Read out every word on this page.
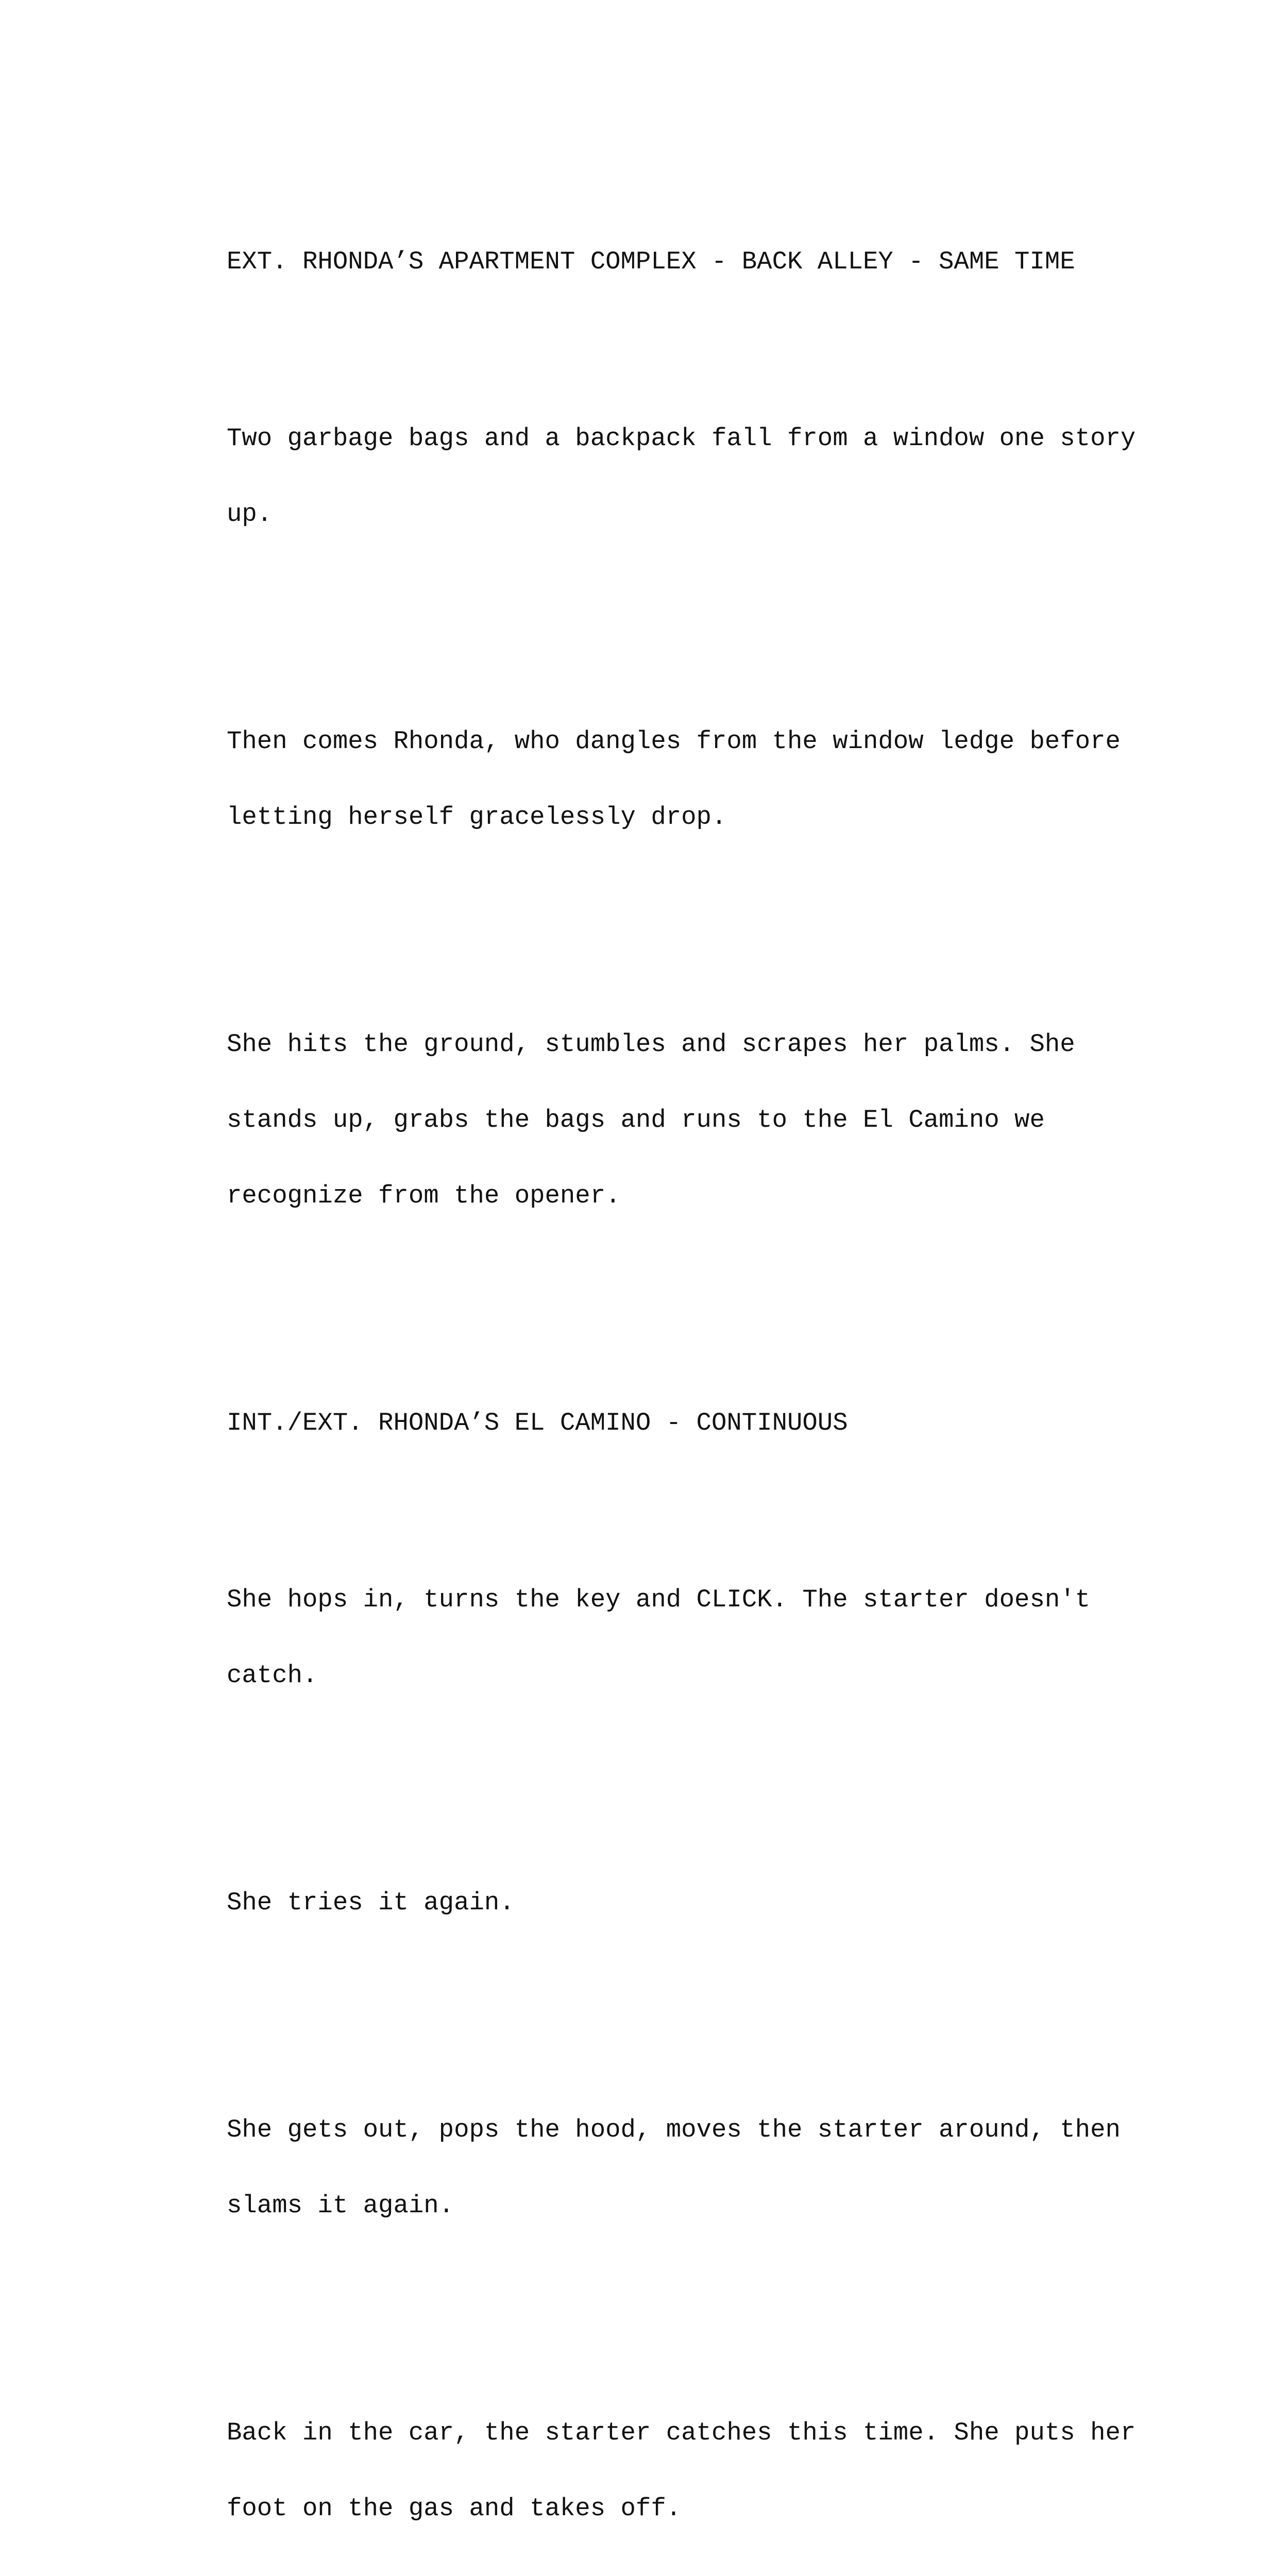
EXT. RHONDA’S APARTMENT COMPLEX - BACK ALLEY - SAME TIME

Two garbage bags and a backpack fall from a window one story

up.

Then comes Rhonda, who dangles from the window ledge before

letting herself gracelessly drop.

She hits the ground, stumbles and scrapes her palms. She

stands up, grabs the bags and runs to the El Camino we

recognize from the opener.

INT./EXT. RHONDA’S EL CAMINO - CONTINUOUS

She hops in, turns the key and CLICK. The starter doesn't

catch.

She tries it again.

She gets out, pops the hood, moves the starter around, then

slams it again.

Back in the car, the starter catches this time. She puts her

foot on the gas and takes off.
